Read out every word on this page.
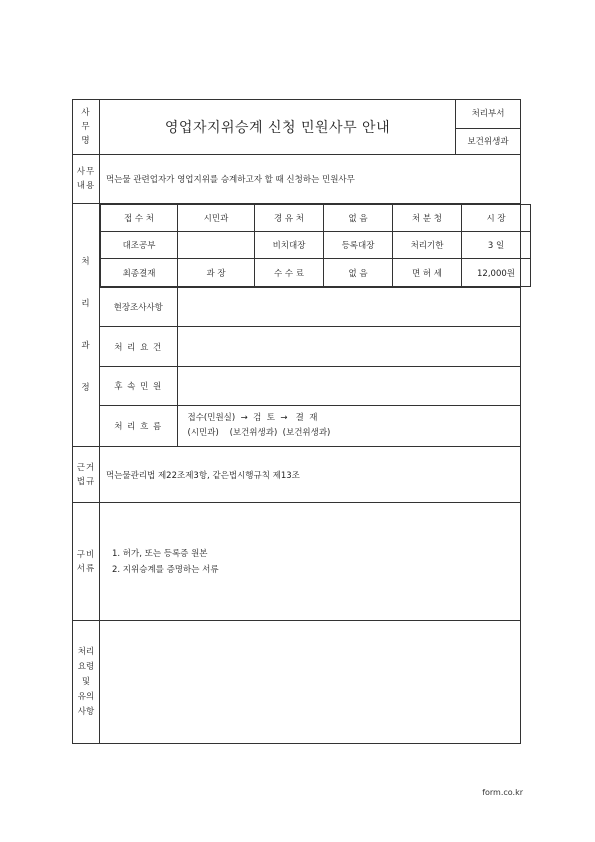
사
무
명
	영업자지위승계 신청 민원사무 안내	처리부서
보건위생과

사무
내용
	먹는물 관련업자가 영업지위를 승계하고자 할 때 신청하는 민원사무

처
리
과
정

접 수 처	시민과	경 유 처	없 음	처 분 청	시 장
대조공부		비치대장	등록대장	처리기한	3 일
최종결재	과 장	수 수 료	없 음	면 허 세	12,000원

현장조사사항	

처 리 요 건	

후 속 민 원	

처 리 흐 름	
접수(민원실)  →  검  토  →   결  재
(시민과)    (보건위생과)  (보건위생과)

근거
법규
	먹는물관리법 제22조제3항, 같은법시행규칙 제13조

구비
서류

1. 허가, 또는 등록증 원본
2. 지위승계를 증명하는 서류

처리
요령
및
유의
사항

form.co.kr
